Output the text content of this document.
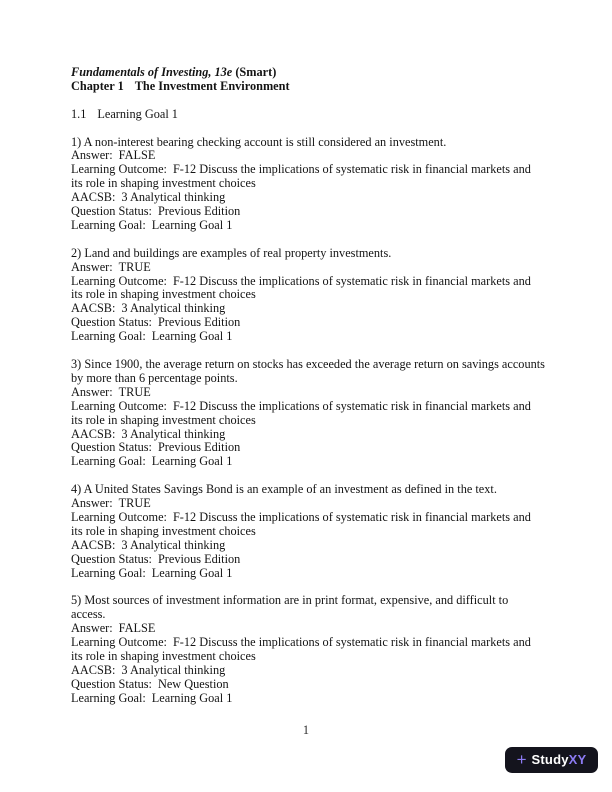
Fundamentals of Investing, 13e (Smart)
Chapter 1 The Investment Environment
1.1 Learning Goal 1
1) A non-interest bearing checking account is still considered an investment.
Answer: FALSE
Learning Outcome: F-12 Discuss the implications of systematic risk in financial markets and its role in shaping investment choices
AACSB: 3 Analytical thinking
Question Status: Previous Edition
Learning Goal: Learning Goal 1
2) Land and buildings are examples of real property investments.
Answer: TRUE
Learning Outcome: F-12 Discuss the implications of systematic risk in financial markets and its role in shaping investment choices
AACSB: 3 Analytical thinking
Question Status: Previous Edition
Learning Goal: Learning Goal 1
3) Since 1900, the average return on stocks has exceeded the average return on savings accounts by more than 6 percentage points.
Answer: TRUE
Learning Outcome: F-12 Discuss the implications of systematic risk in financial markets and its role in shaping investment choices
AACSB: 3 Analytical thinking
Question Status: Previous Edition
Learning Goal: Learning Goal 1
4) A United States Savings Bond is an example of an investment as defined in the text.
Answer: TRUE
Learning Outcome: F-12 Discuss the implications of systematic risk in financial markets and its role in shaping investment choices
AACSB: 3 Analytical thinking
Question Status: Previous Edition
Learning Goal: Learning Goal 1
5) Most sources of investment information are in print format, expensive, and difficult to access.
Answer: FALSE
Learning Outcome: F-12 Discuss the implications of systematic risk in financial markets and its role in shaping investment choices
AACSB: 3 Analytical thinking
Question Status: New Question
Learning Goal: Learning Goal 1
1
+ StudyXY
